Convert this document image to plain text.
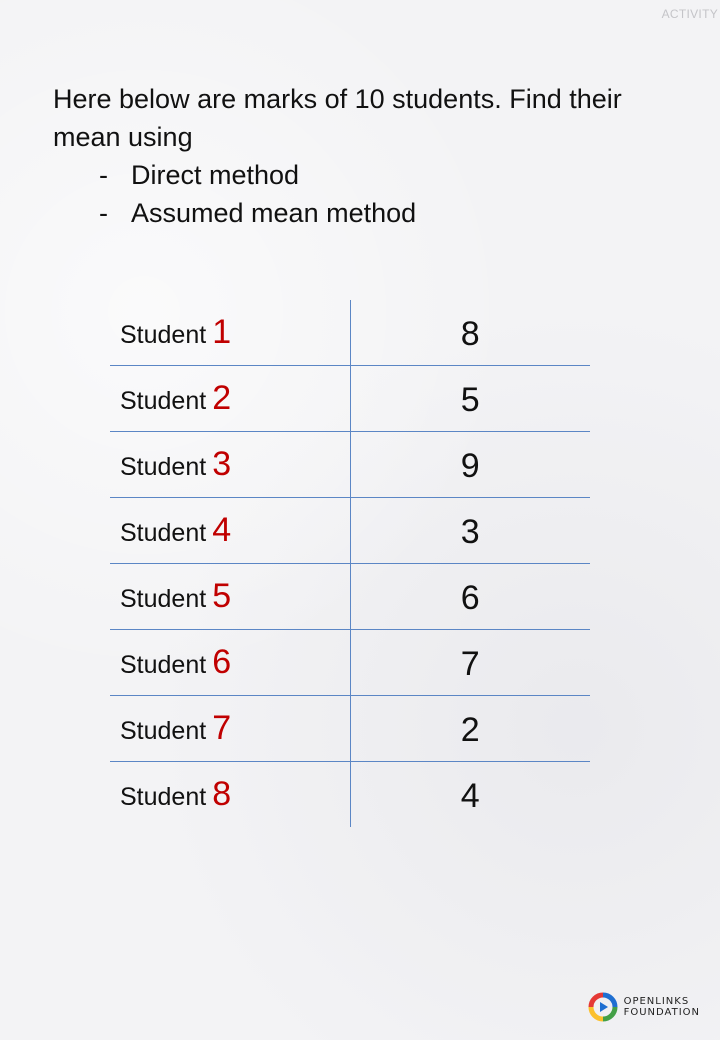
ACTIVITY
Here below are marks of 10 students. Find their mean using
- Direct method
- Assumed mean method
Student 1	8
Student 2	5
Student 3	9
Student 4	3
Student 5	6
Student 6	7
Student 7	2
Student 8	4
OPENLINKS
FOUNDATION
